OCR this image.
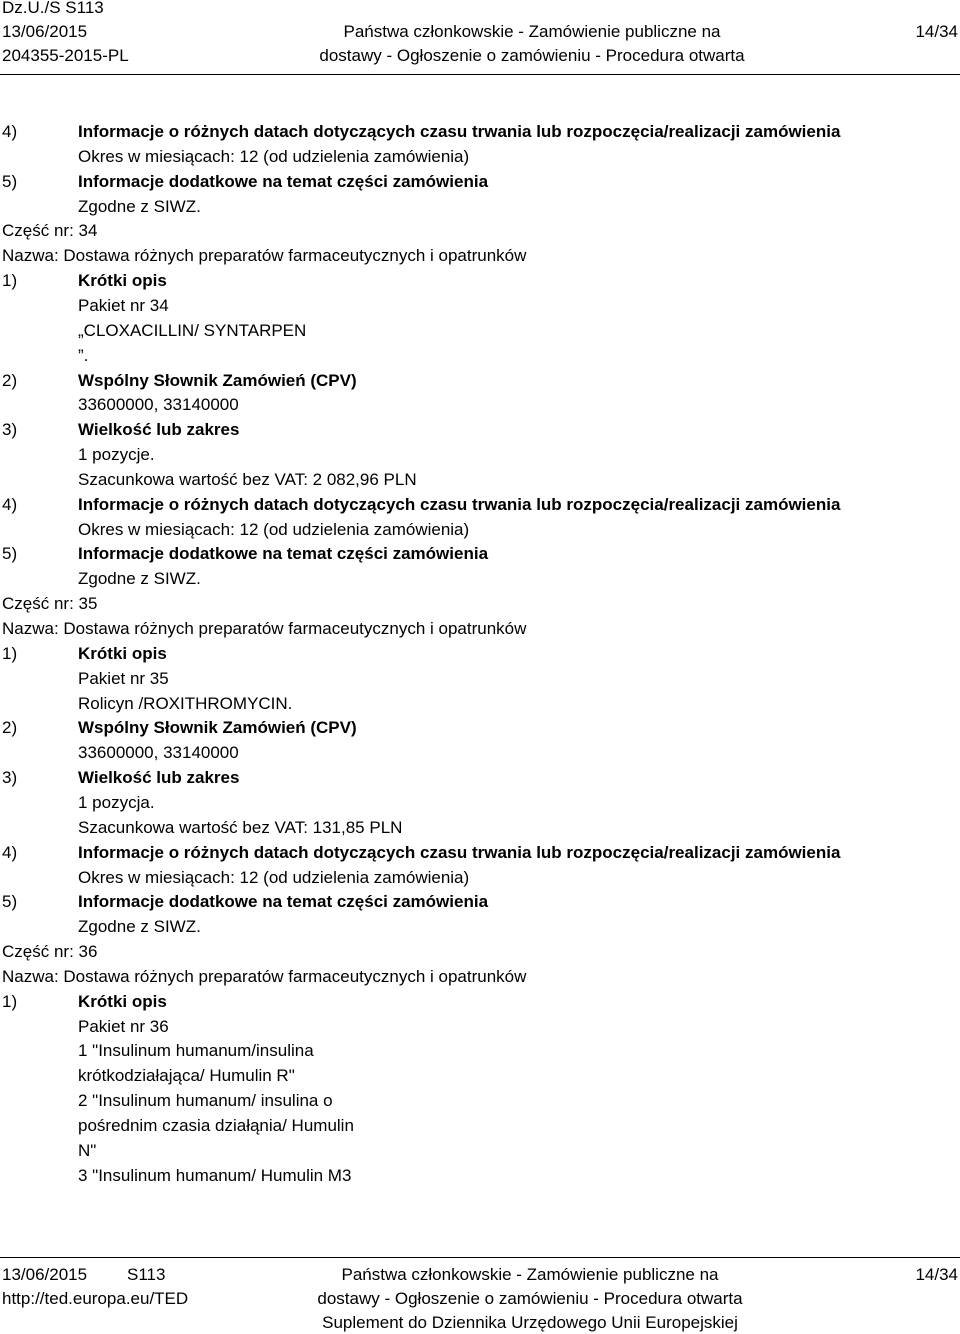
Dz.U./S S113
13/06/2015
204355-2015-PL
Państwa członkowskie - Zamówienie publiczne na
dostawy - Ogłoszenie o zamówieniu - Procedura otwarta
14/34
4)	Informacje o różnych datach dotyczących czasu trwania lub rozpoczęcia/realizacji zamówienia
Okres w miesiącach: 12 (od udzielenia zamówienia)
5)	Informacje dodatkowe na temat części zamówienia
Zgodne z SIWZ.
Część nr: 34
Nazwa: Dostawa różnych preparatów farmaceutycznych i opatrunków
1)	Krótki opis
Pakiet nr 34
„CLOXACILLIN/ SYNTARPEN
”.
2)	Wspólny Słownik Zamówień (CPV)
33600000, 33140000
3)	Wielkość lub zakres
1 pozycje.
Szacunkowa wartość bez VAT: 2 082,96 PLN
4)	Informacje o różnych datach dotyczących czasu trwania lub rozpoczęcia/realizacji zamówienia
Okres w miesiącach: 12 (od udzielenia zamówienia)
5)	Informacje dodatkowe na temat części zamówienia
Zgodne z SIWZ.
Część nr: 35
Nazwa: Dostawa różnych preparatów farmaceutycznych i opatrunków
1)	Krótki opis
Pakiet nr 35
Rolicyn /ROXITHROMYCIN.
2)	Wspólny Słownik Zamówień (CPV)
33600000, 33140000
3)	Wielkość lub zakres
1 pozycja.
Szacunkowa wartość bez VAT: 131,85 PLN
4)	Informacje o różnych datach dotyczących czasu trwania lub rozpoczęcia/realizacji zamówienia
Okres w miesiącach: 12 (od udzielenia zamówienia)
5)	Informacje dodatkowe na temat części zamówienia
Zgodne z SIWZ.
Część nr: 36
Nazwa: Dostawa różnych preparatów farmaceutycznych i opatrunków
1)	Krótki opis
Pakiet nr 36
1 "Insulinum humanum/insulina
krótkodziałająca/ Humulin R"
2 "Insulinum humanum/ insulina o
pośrednim czasia działąnia/ Humulin
N"
3 "Insulinum humanum/ Humulin M3
13/06/2015 S113
http://ted.europa.eu/TED
Państwa członkowskie - Zamówienie publiczne na
dostawy - Ogłoszenie o zamówieniu - Procedura otwarta
Suplement do Dziennika Urzędowego Unii Europejskiej
14/34
